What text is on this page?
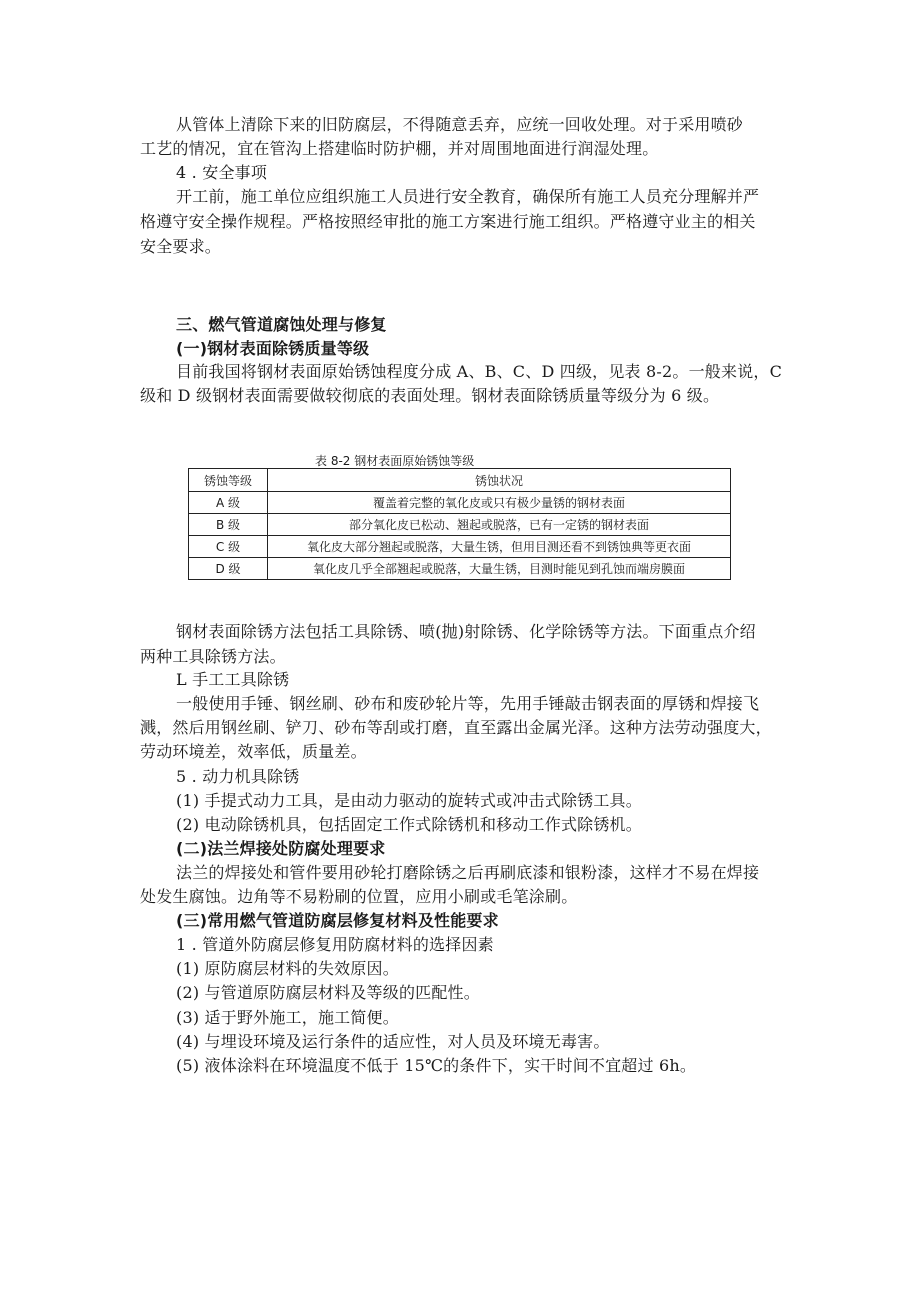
从管体上清除下来的旧防腐层，不得随意丢弃，应统一回收处理。对于采用喷砂
工艺的情况，宜在管沟上搭建临时防护棚，并对周围地面进行润湿处理。
4 . 安全事项
开工前，施工单位应组织施工人员进行安全教育，确保所有施工人员充分理解并严
格遵守安全操作规程。严格按照经审批的施工方案进行施工组织。严格遵守业主的相关
安全要求。
三、燃气管道腐蚀处理与修复
(一)钢材表面除锈质量等级
目前我国将钢材表面原始锈蚀程度分成 A、B、C、D 四级，见表 8-2。一般来说，C
级和 D 级钢材表面需要做较彻底的表面处理。钢材表面除锈质量等级分为 6 级。
表 8-2 钢材表面原始锈蚀等级
锈蚀等级	锈蚀状况
A 级	覆盖着完整的氧化皮或只有极少量锈的钢材表面
B 级	部分氧化皮已松动、翘起或脱落，已有一定锈的钢材表面
C 级	氧化皮大部分翘起或脱落，大量生锈，但用目测还看不到锈蚀典等更衣面
D 级	氧化皮几乎全部翘起或脱落，大量生锈，目测时能见到孔蚀而端房膜面
钢材表面除锈方法包括工具除锈、喷(抛)射除锈、化学除锈等方法。下面重点介绍
两种工具除锈方法。
L 手工工具除锈
一般使用手锤、钢丝刷、砂布和废砂轮片等，先用手锤敲击钢表面的厚锈和焊接飞
溅，然后用钢丝刷、铲刀、砂布等刮或打磨，直至露出金属光泽。这种方法劳动强度大，
劳动环境差，效率低，质量差。
5 . 动力机具除锈
(1) 手提式动力工具，是由动力驱动的旋转式或冲击式除锈工具。
(2) 电动除锈机具，包括固定工作式除锈机和移动工作式除锈机。
(二)法兰焊接处防腐处理要求
法兰的焊接处和管件要用砂轮打磨除锈之后再刷底漆和银粉漆，这样才不易在焊接
处发生腐蚀。边角等不易粉刷的位置，应用小刷或毛笔涂刷。
(三)常用燃气管道防腐层修复材料及性能要求
1 . 管道外防腐层修复用防腐材料的选择因素
(1) 原防腐层材料的失效原因。
(2) 与管道原防腐层材料及等级的匹配性。
(3) 适于野外施工，施工简便。
(4) 与埋设环境及运行条件的适应性，对人员及环境无毒害。
(5) 液体涂料在环境温度不低于 15℃的条件下，实干时间不宜超过 6h。
